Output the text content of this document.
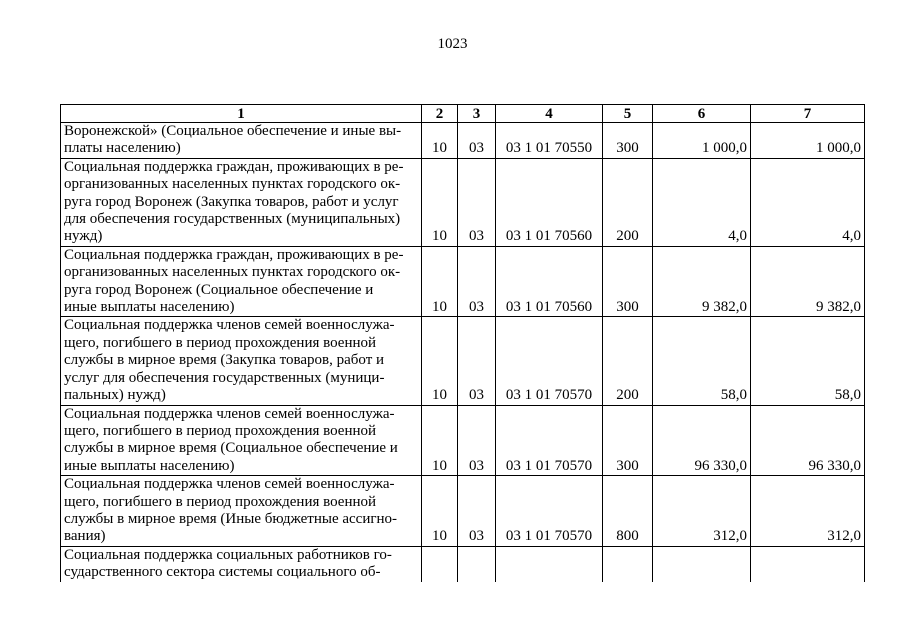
1023
1	2	3	4	5	6	7
Воронежской» (Социальное обеспечение и иные вы-
платы населению)	10	03	03 1 01 70550	300	1 000,0	1 000,0
Социальная поддержка граждан, проживающих в ре-
организованных населенных пунктах городского ок-
руга город Воронеж (Закупка товаров, работ и услуг
для обеспечения государственных (муниципальных)
нужд)	10	03	03 1 01 70560	200	4,0	4,0
Социальная поддержка граждан, проживающих в ре-
организованных населенных пунктах городского ок-
руга город Воронеж (Социальное обеспечение и
иные выплаты населению)	10	03	03 1 01 70560	300	9 382,0	9 382,0
Социальная поддержка членов семей военнослужа-
щего, погибшего в период прохождения военной
службы в мирное время (Закупка товаров, работ и
услуг для обеспечения государственных (муници-
пальных) нужд)	10	03	03 1 01 70570	200	58,0	58,0
Социальная поддержка членов семей военнослужа-
щего, погибшего в период прохождения военной
службы в мирное время (Социальное обеспечение и
иные выплаты населению)	10	03	03 1 01 70570	300	96 330,0	96 330,0
Социальная поддержка членов семей военнослужа-
щего, погибшего в период прохождения военной
службы в мирное время (Иные бюджетные ассигно-
вания)	10	03	03 1 01 70570	800	312,0	312,0
Социальная поддержка социальных работников го-
сударственного сектора системы социального об-						
